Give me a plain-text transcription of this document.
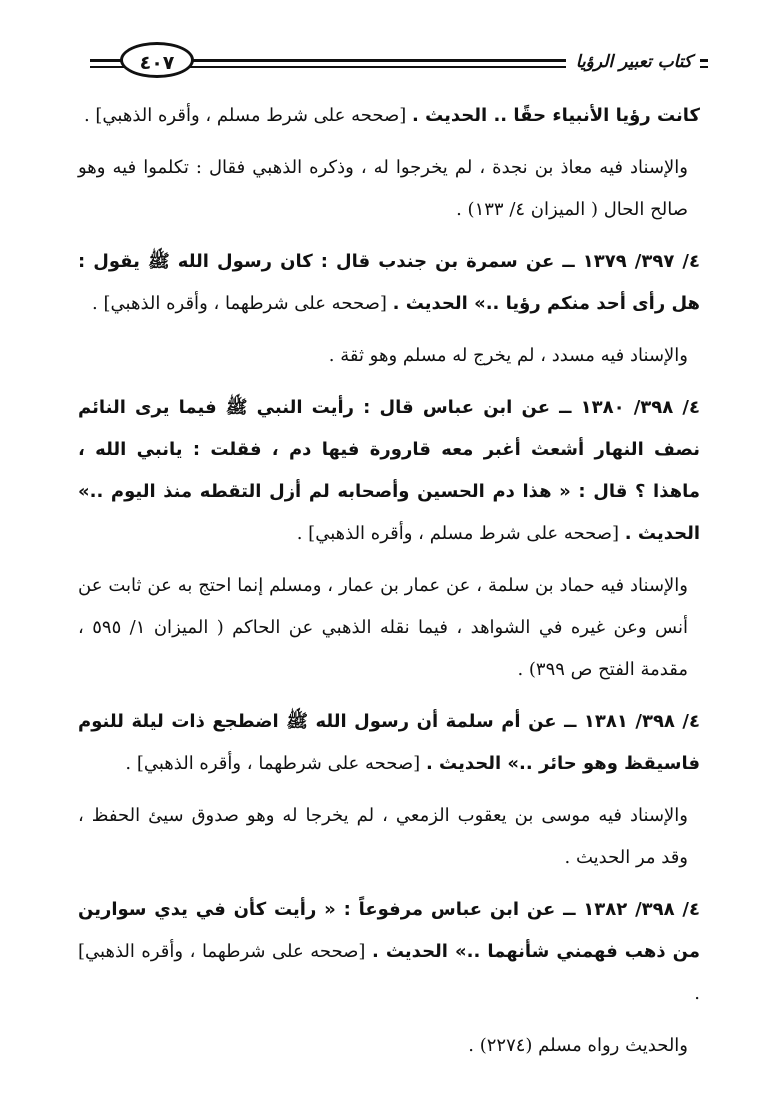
٤٠٧	كتاب تعبير الرؤيا

كانت رؤيا الأنبياء حقًا .. الحديث . [صححه على شرط مسلم ، وأقره الذهبي] .

والإسناد فيه معاذ بن نجدة ، لم يخرجوا له ، وذكره الذهبي فقال : تكلموا فيه وهو صالح الحال ( الميزان ٤/ ١٣٣) .

٤/ ٣٩٧/ ١٣٧٩ ــ عن سمرة بن جندب قال : كان رسول الله ﷺ يقول : هل رأى أحد منكم رؤيا ..» الحديث . [صححه على شرطهما ، وأقره الذهبي] .

والإسناد فيه مسدد ، لم يخرج له مسلم وهو ثقة .

٤/ ٣٩٨/ ١٣٨٠ ــ عن ابن عباس قال : رأيت النبي ﷺ فيما يرى النائم نصف النهار أشعث أغبر معه قارورة فيها دم ، فقلت : يانبي الله ، ماهذا ؟ قال : « هذا دم الحسين وأصحابه لم أزل التقطه منذ اليوم ..» الحديث . [صححه على شرط مسلم ، وأقره الذهبي] .

والإسناد فيه حماد بن سلمة ، عن عمار بن عمار ، ومسلم إنما احتج به عن ثابت عن أنس وعن غيره في الشواهد ، فيما نقله الذهبي عن الحاكم ( الميزان ١/ ٥٩٥ ، مقدمة الفتح ص ٣٩٩) .

٤/ ٣٩٨/ ١٣٨١ ــ عن أم سلمة أن رسول الله ﷺ اضطجع ذات ليلة للنوم فاسيقظ وهو حائر ..» الحديث . [صححه على شرطهما ، وأقره الذهبي] .

والإسناد فيه موسى بن يعقوب الزمعي ، لم يخرجا له وهو صدوق سيئ الحفظ ، وقد مر الحديث .

٤/ ٣٩٨/ ١٣٨٢ ــ عن ابن عباس مرفوعاً : « رأيت كأن في يدي سوارين من ذهب فهمني شأنهما ..» الحديث . [صححه على شرطهما ، وأقره الذهبي] .

والحديث رواه مسلم (٢٢٧٤) .
